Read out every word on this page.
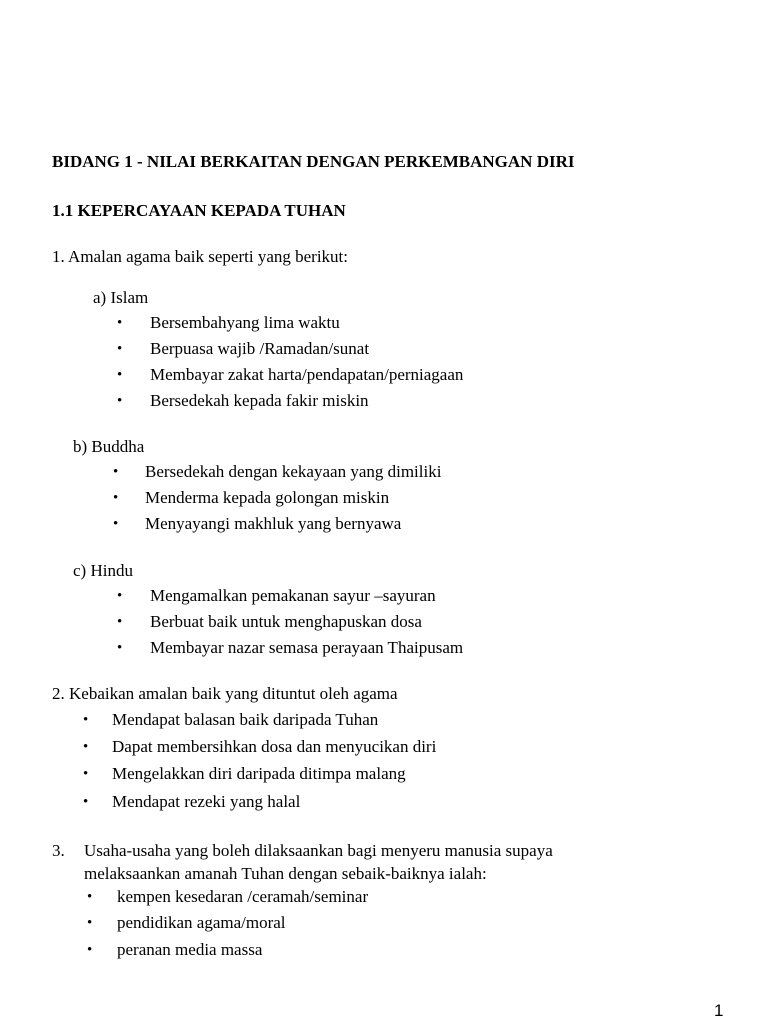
BIDANG 1 - NILAI BERKAITAN DENGAN PERKEMBANGAN DIRI
1.1 KEPERCAYAAN KEPADA TUHAN
1. Amalan agama baik seperti yang berikut:
a) Islam
• Bersembahyang lima waktu
• Berpuasa wajib /Ramadan/sunat
• Membayar zakat harta/pendapatan/perniagaan
• Bersedekah kepada fakir miskin
b) Buddha
• Bersedekah dengan kekayaan yang dimiliki
• Menderma kepada golongan miskin
• Menyayangi makhluk yang bernyawa
c) Hindu
• Mengamalkan pemakanan sayur –sayuran
• Berbuat baik untuk menghapuskan dosa
• Membayar nazar semasa perayaan Thaipusam
2. Kebaikan amalan baik yang dituntut oleh agama
• Mendapat balasan baik daripada Tuhan
• Dapat membersihkan dosa dan menyucikan diri
• Mengelakkan diri daripada ditimpa malang
• Mendapat rezeki yang halal
3. Usaha-usaha yang boleh dilaksaankan bagi menyeru manusia supaya
melaksaankan amanah Tuhan dengan sebaik-baiknya ialah:
• kempen kesedaran /ceramah/seminar
• pendidikan agama/moral
• peranan media massa
1
